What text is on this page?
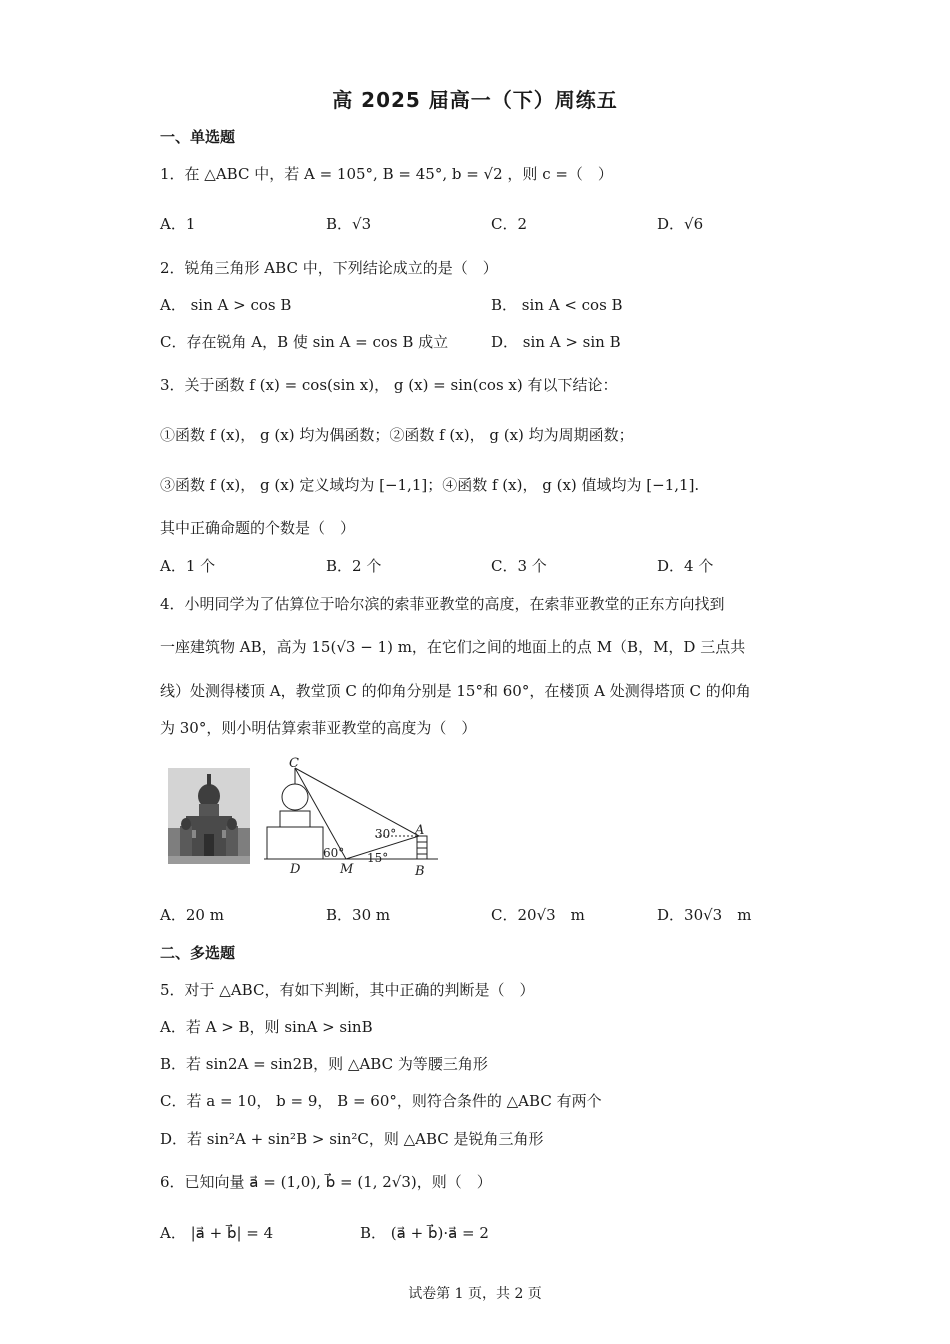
高 2025 届高一（下）周练五
一、单选题
1．在 △ABC 中，若 A = 105°, B = 45°, b = √2 ，则 c =（　）
A．1	B．√3	C．2	D．√6
2．锐角三角形 ABC 中，下列结论成立的是（　）
A． sin A > cos B	B． sin A < cos B
C．存在锐角 A，B 使 sin A = cos B 成立	D． sin A > sin B
3．关于函数 f (x) = cos(sin x)， g (x) = sin(cos x) 有以下结论：
①函数 f (x)， g (x) 均为偶函数；②函数 f (x)， g (x) 均为周期函数；
③函数 f (x)， g (x) 定义域均为 [−1,1]；④函数 f (x)， g (x) 值域均为 [−1,1].
其中正确命题的个数是（　）
A．1 个	B．2 个	C．3 个	D．4 个
4．小明同学为了估算位于哈尔滨的索菲亚教堂的高度，在索菲亚教堂的正东方向找到
一座建筑物 AB，高为 15(√3 − 1) m，在它们之间的地面上的点 M（B，M，D 三点共
线）处测得楼顶 A，教堂顶 C 的仰角分别是 15°和 60°，在楼顶 A 处测得塔顶 C 的仰角
为 30°，则小明估算索菲亚教堂的高度为（　）
C
A
D	M	B
30°
60° 15°
A．20 m	B．30 m	C．20√3　m	D．30√3　m
二、多选题
5．对于 △ABC，有如下判断，其中正确的判断是（　）
A．若 A > B，则 sinA > sinB
B．若 sin2A = sin2B，则 △ABC 为等腰三角形
C．若 a = 10， b = 9， B = 60°，则符合条件的 △ABC 有两个
D．若 sin²A + sin²B > sin²C，则 △ABC 是锐角三角形
6．已知向量 a⃗ = (1,0), b⃗ = (1, 2√3)，则（　）
A． |a⃗ + b⃗| = 4	B． (a⃗ + b⃗)·a⃗ = 2
试卷第 1 页，共 2 页
